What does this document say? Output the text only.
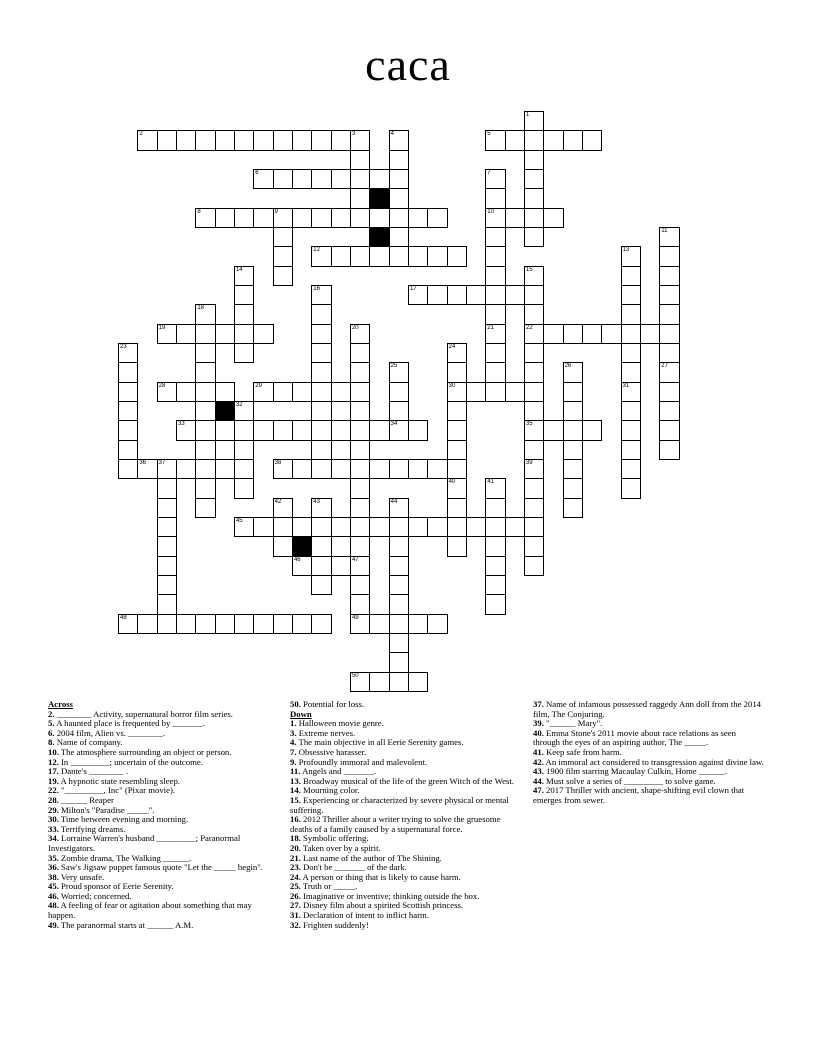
caca
2	3	5
6
8	9	10
12
17
19	22
28	29	30
33	34	35
36 37	38
45
46
48	49
50
1
4
7
21
11
27
13
31
14	15
16
18
20
23	24
40
25	26
32
39
41
42	43	44
47
Across
2. ________ Activity, supernatural horror film series.
5. A haunted place is frequented by _______.
6. 2004 film, Alien vs. ________.
8. Name of company.
10. The atmosphere surrounding an object or person.
12. In _________; uncertain of the outcome.
17. Dante's ________ .
19. A hypnotic state resembling sleep.
22. "_________, Inc" (Pixar movie).
28. ______ Reaper
29. Milton's "Paradise _____".
30. Time between evening and morning.
33. Terrifying dreams.
34. Lorraine Warren's husband _________; Paranormal Investigators.
35. Zombie drama, The Walking ______.
36. Saw's Jigsaw puppet famous quote "Let the _____ begin".
38. Very unsafe.
45. Proud sponsor of Eerie Serenity.
46. Worried; concerned.
48. A feeling of fear or agitation about something that may happen.
49. The paranormal starts at ______ A.M.
50. Potential for loss.
Down
1. Halloween movie genre.
3. Extreme nerves.
4. The main objective in all Eerie Serenity games.
7. Obsessive harasser.
9. Profoundly immoral and malevolent.
11. Angels and _______.
13. Broadway musical of the life of the green Witch of the West.
14. Mourning color.
15. Experiencing or characterized by severe physical or mental suffering.
16. 2012 Thriller about a writer trying to solve the gruesome deaths of a family caused by a supernatural force.
18. Symbolic offering.
20. Taken over by a spirit.
21. Last name of the author of The Shining.
23. Don't be _______ of the dark.
24. A person or thing that is likely to cause harm.
25. Truth or _____.
26. Imaginative or inventive; thinking outside the box.
27. Disney film about a spirited Scottish princess.
31. Declaration of intent to inflict harm.
32. Frighten suddenly!
37. Name of infamous possessed raggedy Ann doll from the 2014 film, The Conjuring.
39. "______ Mary".
40. Emma Stone's 2011 movie about race relations as seen through the eyes of an aspiring author, The _____.
41. Keep safe from harm.
42. An immoral act considered to transgression against divine law.
43. 1900 film starring Macaulay Culkin, Home ______.
44. Must solve a series of _________ to solve game.
47. 2017 Thriller with ancient, shape-shifting evil clown that emerges from sewer.
